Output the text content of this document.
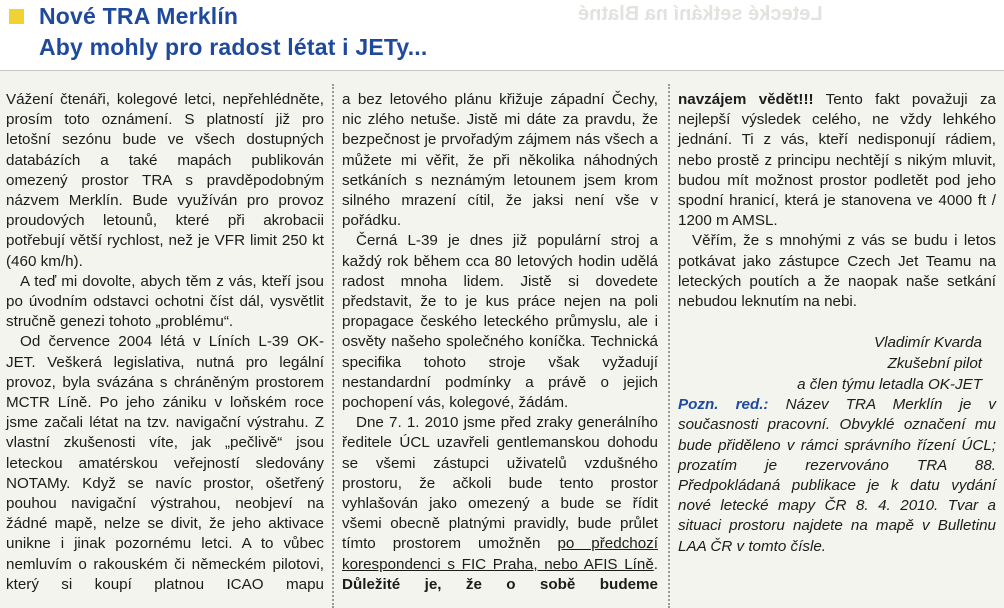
Nové TRA Merklín
Aby mohly pro radost létat i JETy...
Letecké setkání na Blatné

Vážení čtenáři, kolegové letci, nepřehlédněte, prosím toto oznámení. S platností již pro letošní sezónu bude ve všech dostupných databázích a také mapách publikován omezený prostor TRA s pravděpodobným názvem Merklín. Bude využíván pro provoz proudových letounů, které při akrobacii potřebují větší rychlost, než je VFR limit 250 kt (460 km/h).

A teď mi dovolte, abych těm z vás, kteří jsou po úvodním odstavci ochotni číst dál, vysvětlit stručně genezi tohoto „problému“.

Od července 2004 létá v Líních L-39 OK-JET. Veškerá legislativa, nutná pro legální provoz, byla svázána s chráněným prostorem MCTR Líně. Po jeho zániku v loňském roce jsme začali létat na tzv. navigační výstrahu. Z vlastní zkušenosti víte, jak „pečlivě“ jsou leteckou amatérskou veřejností sledovány NOTAMy. Když se navíc prostor, ošetřený pouhou navigační výstrahou, neobjeví na žádné mapě, nelze se divit, že jeho aktivace unikne i jinak pozornému letci. A to vůbec nemluvím o rakouském či německém pilotovi, který si koupí platnou ICAO mapu

a bez letového plánu křižuje západní Čechy, nic zlého netuše. Jistě mi dáte za pravdu, že bezpečnost je prvořadým zájmem nás všech a můžete mi věřit, že při několika náhodných setkáních s neznámým letounem jsem krom silného mrazení cítil, že jaksi není vše v pořádku.

Černá L-39 je dnes již populární stroj a každý rok během cca 80 letových hodin udělá radost mnoha lidem. Jistě si dovedete představit, že to je kus práce nejen na poli propagace českého leteckého průmyslu, ale i osvěty našeho společného koníčka. Technická specifika tohoto stroje však vyžadují nestandardní podmínky a právě o jejich pochopení vás, kolegové, žádám.

Dne 7. 1. 2010 jsme před zraky generálního ředitele ÚCL uzavřeli gentlemanskou dohodu se všemi zástupci uživatelů vzdušného prostoru, že ačkoli bude tento prostor vyhlašován jako omezený a bude se řídit všemi obecně platnými pravidly, bude průlet tímto prostorem umožněn po předchozí korespondenci s FIC Praha, nebo AFIS Líně. Důležité je, že o sobě budeme

navzájem vědět!!! Tento fakt považuji za nejlepší výsledek celého, ne vždy lehkého jednání. Ti z vás, kteří nedisponují rádiem, nebo prostě z principu nechtějí s nikým mluvit, budou mít možnost prostor podletět pod jeho spodní hranicí, která je stanovena ve 4000 ft / 1200 m AMSL.

Věřím, že s mnohými z vás se budu i letos potkávat jako zástupce Czech Jet Teamu na leteckých poutích a že naopak naše setkání nebudou leknutím na nebi.

Vladimír Kvarda
Zkušební pilot
a člen týmu letadla OK-JET

Pozn. red.: Název TRA Merklín je v současnosti pracovní. Obvyklé označení mu bude přiděleno v rámci správního řízení ÚCL; prozatím je rezervováno TRA 88. Předpokládaná publikace je k datu vydání nové letecké mapy ČR 8. 4. 2010. Tvar a situaci prostoru najdete na mapě v Bulletinu LAA ČR v tomto čísle.
